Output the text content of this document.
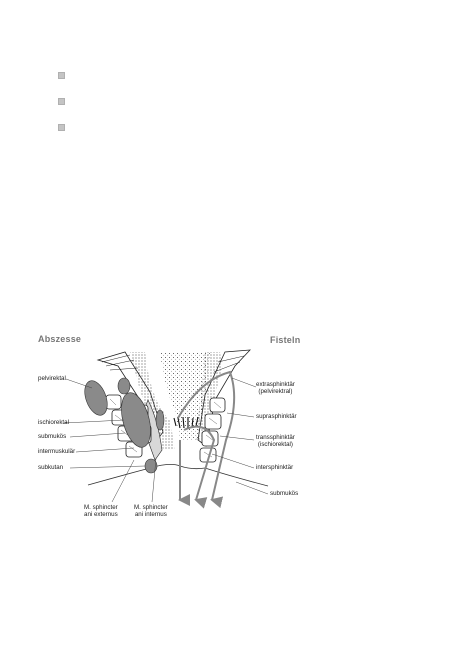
Abszesse	Fisteln
pelvirektal
ischiorektal
submukös
intermuskulär
subkutan
M. sphincter
ani externus
M. sphincter
ani internus
extrasphinktär
(pelvirektral)
suprasphinktär
transsphinktär
(ischiorektal)
intersphinktär
submukös
